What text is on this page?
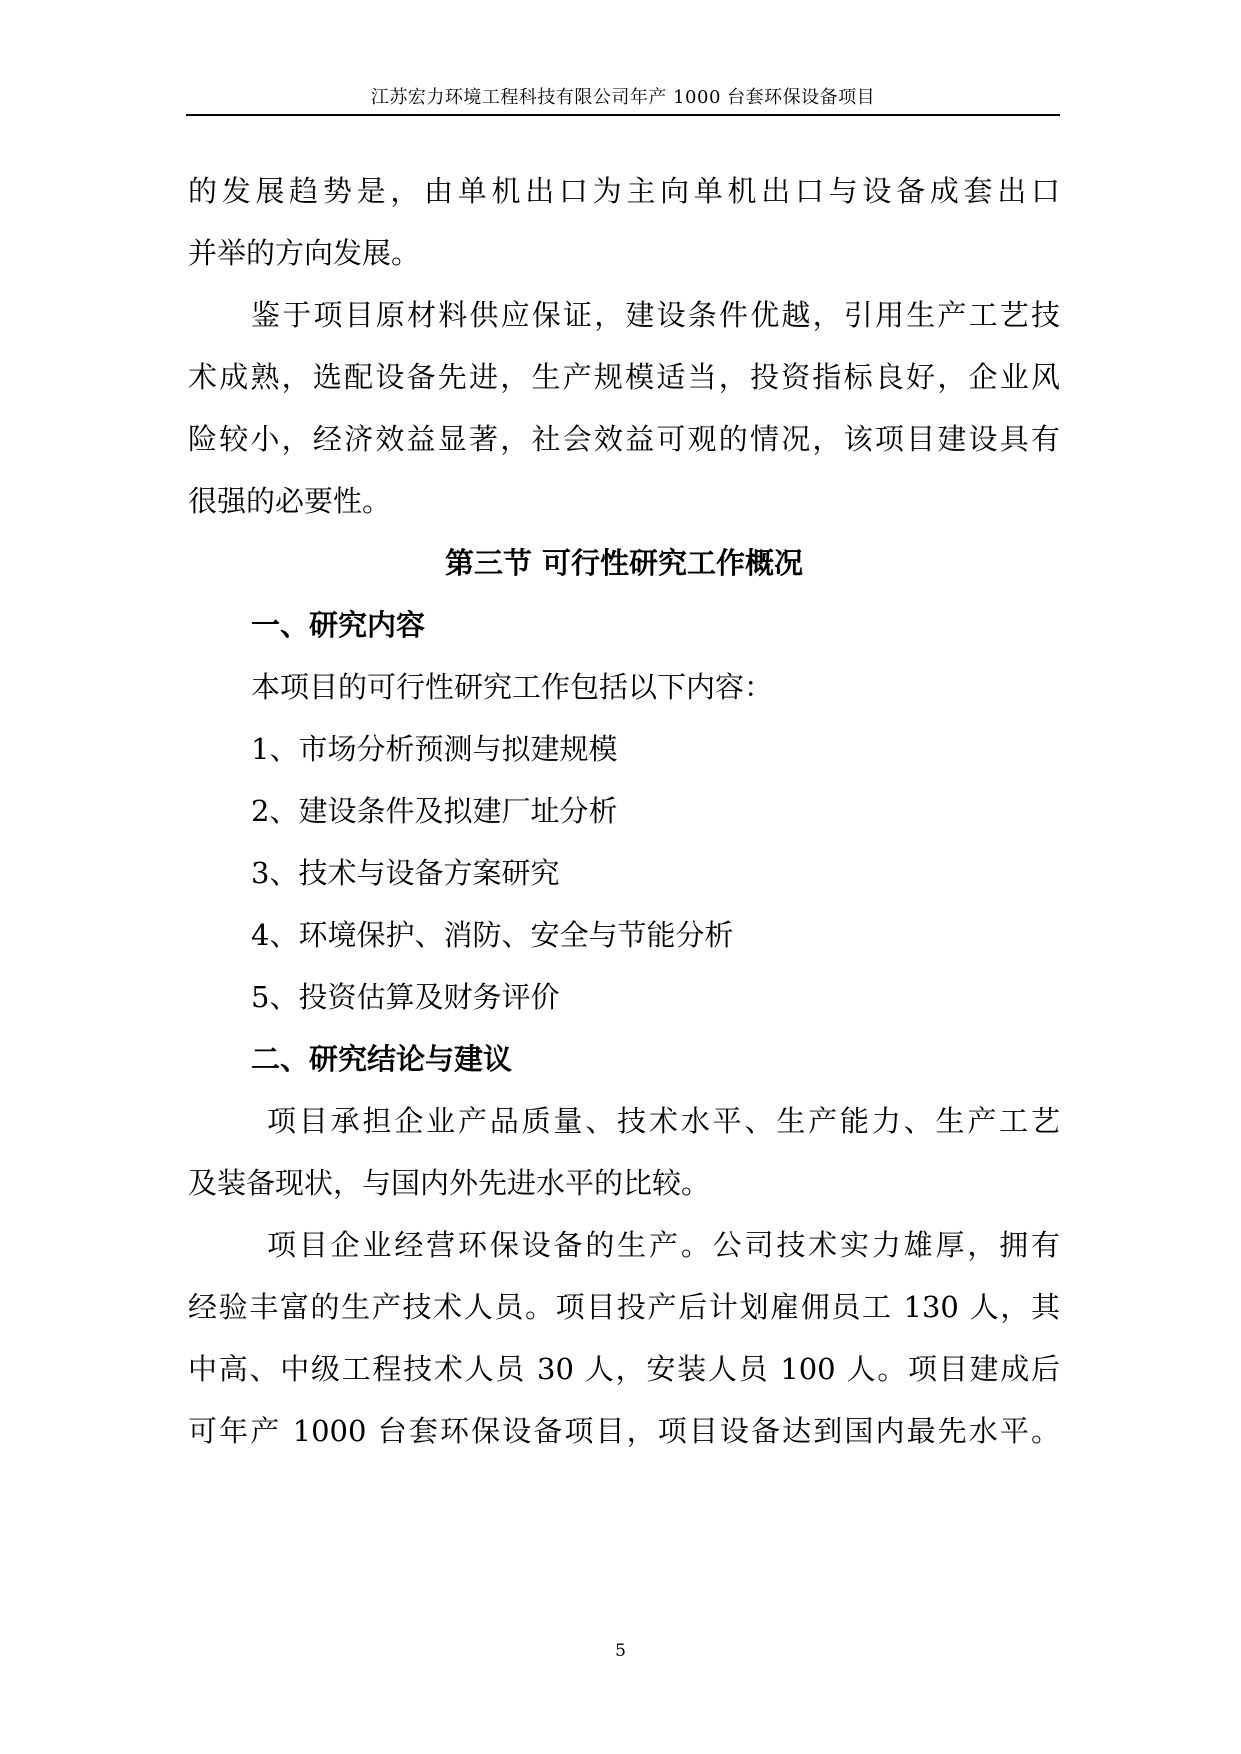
江苏宏力环境工程科技有限公司年产 1000 台套环保设备项目
的发展趋势是，由单机出口为主向单机出口与设备成套出口
并举的方向发展。
鉴于项目原材料供应保证，建设条件优越，引用生产工艺技
术成熟，选配设备先进，生产规模适当，投资指标良好，企业风
险较小，经济效益显著，社会效益可观的情况，该项目建设具有
很强的必要性。
第三节 可行性研究工作概况
一、研究内容
本项目的可行性研究工作包括以下内容：
1、市场分析预测与拟建规模
2、建设条件及拟建厂址分析
3、技术与设备方案研究
4、环境保护、消防、安全与节能分析
5、投资估算及财务评价
二、研究结论与建议
项目承担企业产品质量、技术水平、生产能力、生产工艺
及装备现状，与国内外先进水平的比较。
项目企业经营环保设备的生产。公司技术实力雄厚，拥有
经验丰富的生产技术人员。项目投产后计划雇佣员工 130 人，其
中高、中级工程技术人员 30 人，安装人员 100 人。项目建成后
可年产 1000 台套环保设备项目，项目设备达到国内最先水平。
5
